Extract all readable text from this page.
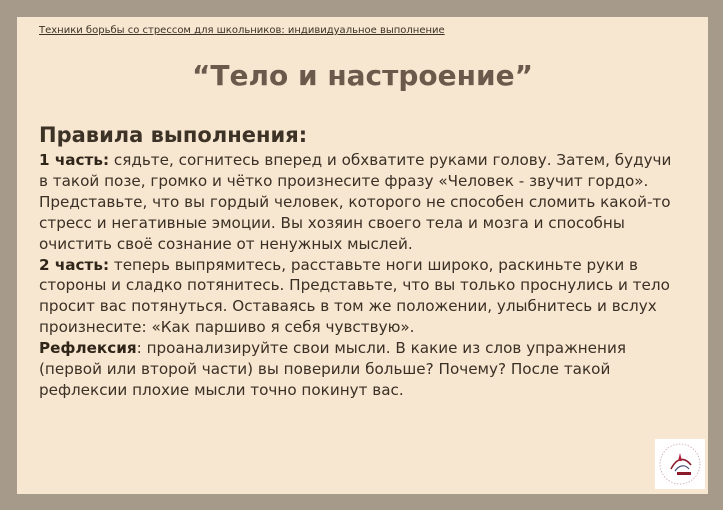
Техники борьбы со стрессом для школьников: индивидуальное выполнение
“Тело и настроение”
Правила выполнения:

1 часть: сядьте, согнитесь вперед и обхватите руками голову. Затем, будучи в такой позе, громко и чётко произнесите фразу «Человек - звучит гордо». Представьте, что вы гордый человек, которого не способен сломить какой-то стресс и негативные эмоции. Вы хозяин своего тела и мозга и способны очистить своё сознание от ненужных мыслей.

2 часть: теперь выпрямитесь, расставьте ноги широко, раскиньте руки в стороны и сладко потянитесь. Представьте, что вы только проснулись и тело просит вас потянуться. Оставаясь в том же положении, улыбнитесь и вслух произнесите: «Как паршиво я себя чувствую».

Рефлексия: проанализируйте свои мысли. В какие из слов упражнения (первой или второй части) вы поверили больше? Почему? После такой рефлексии плохие мысли точно покинут вас.
